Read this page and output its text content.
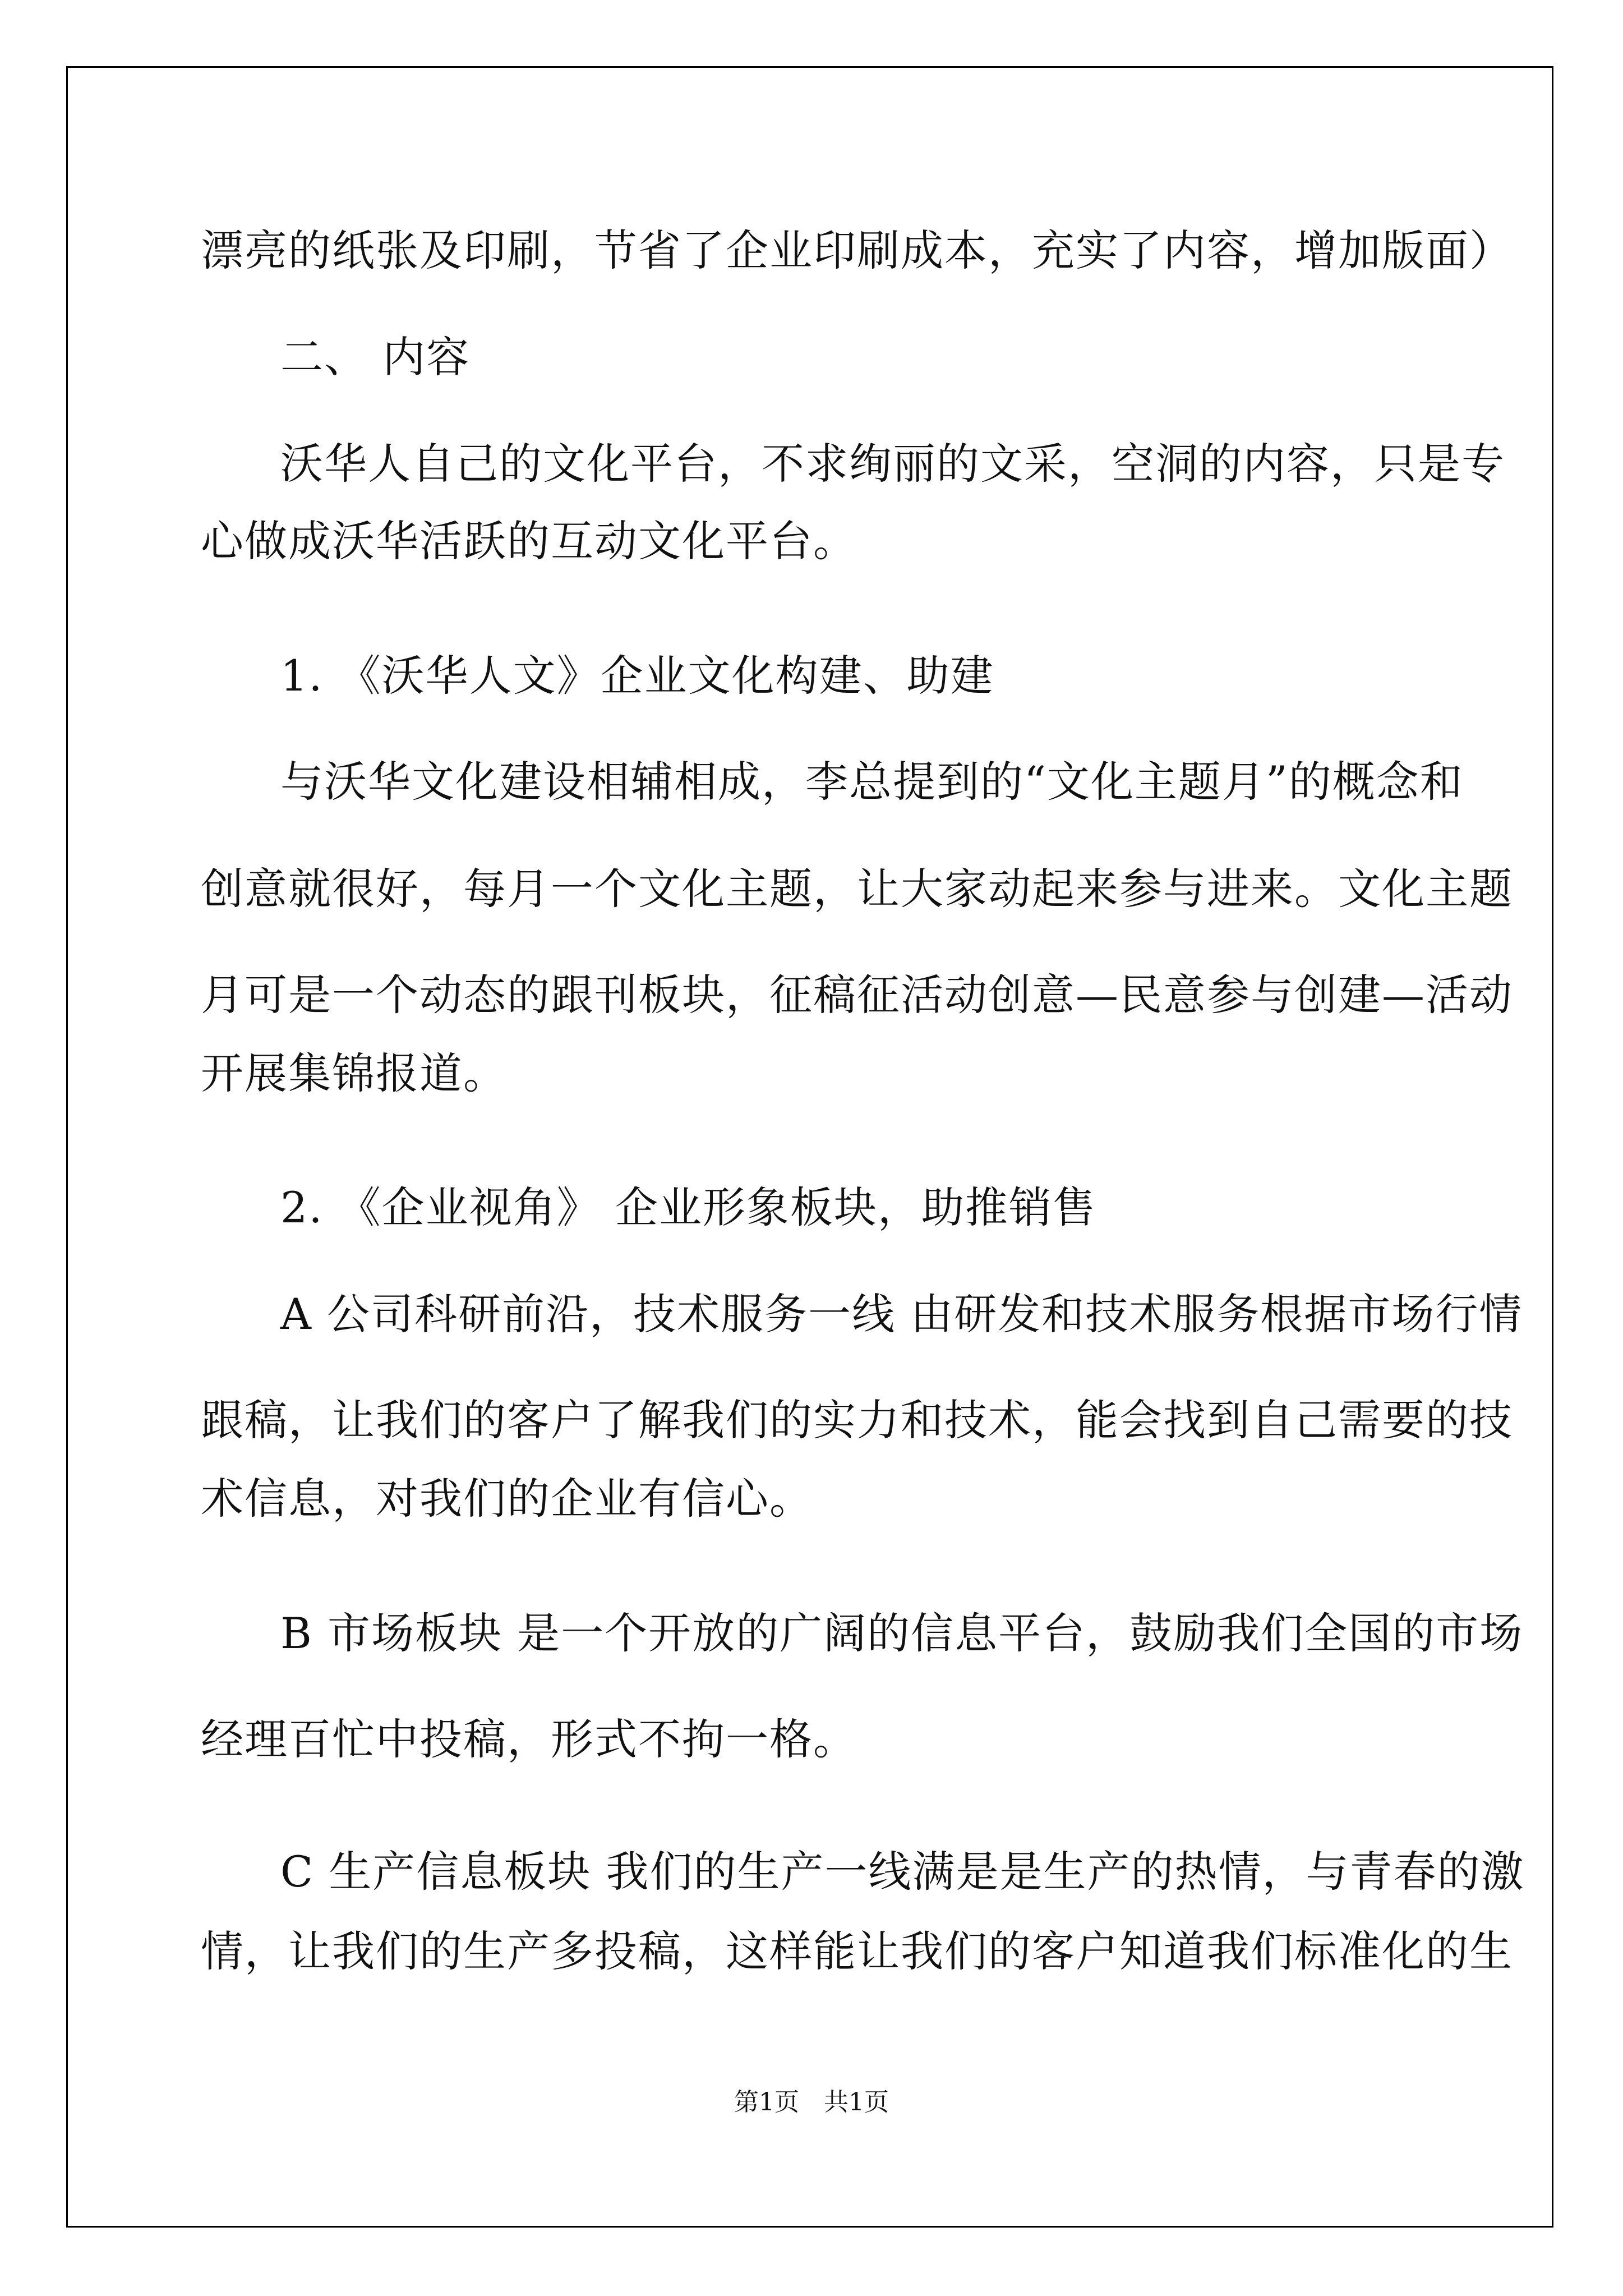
漂亮的纸张及印刷，节省了企业印刷成本，充实了内容，增加版面）
二、 内容
沃华人自己的文化平台，不求绚丽的文采，空洞的内容，只是专
心做成沃华活跃的互动文化平台。
1. 《沃华人文》企业文化构建、助建
与沃华文化建设相辅相成，李总提到的“文化主题月”的概念和
创意就很好，每月一个文化主题，让大家动起来参与进来。文化主题
月可是一个动态的跟刊板块，征稿征活动创意—民意参与创建—活动
开展集锦报道。
2. 《企业视角》 企业形象板块，助推销售
A 公司科研前沿，技术服务一线 由研发和技术服务根据市场行情
跟稿，让我们的客户了解我们的实力和技术，能会找到自己需要的技
术信息，对我们的企业有信心。
B 市场板块 是一个开放的广阔的信息平台，鼓励我们全国的市场
经理百忙中投稿，形式不拘一格。
C 生产信息板块 我们的生产一线满是是生产的热情，与青春的激
情，让我们的生产多投稿，这样能让我们的客户知道我们标准化的生
第1页　共1页
